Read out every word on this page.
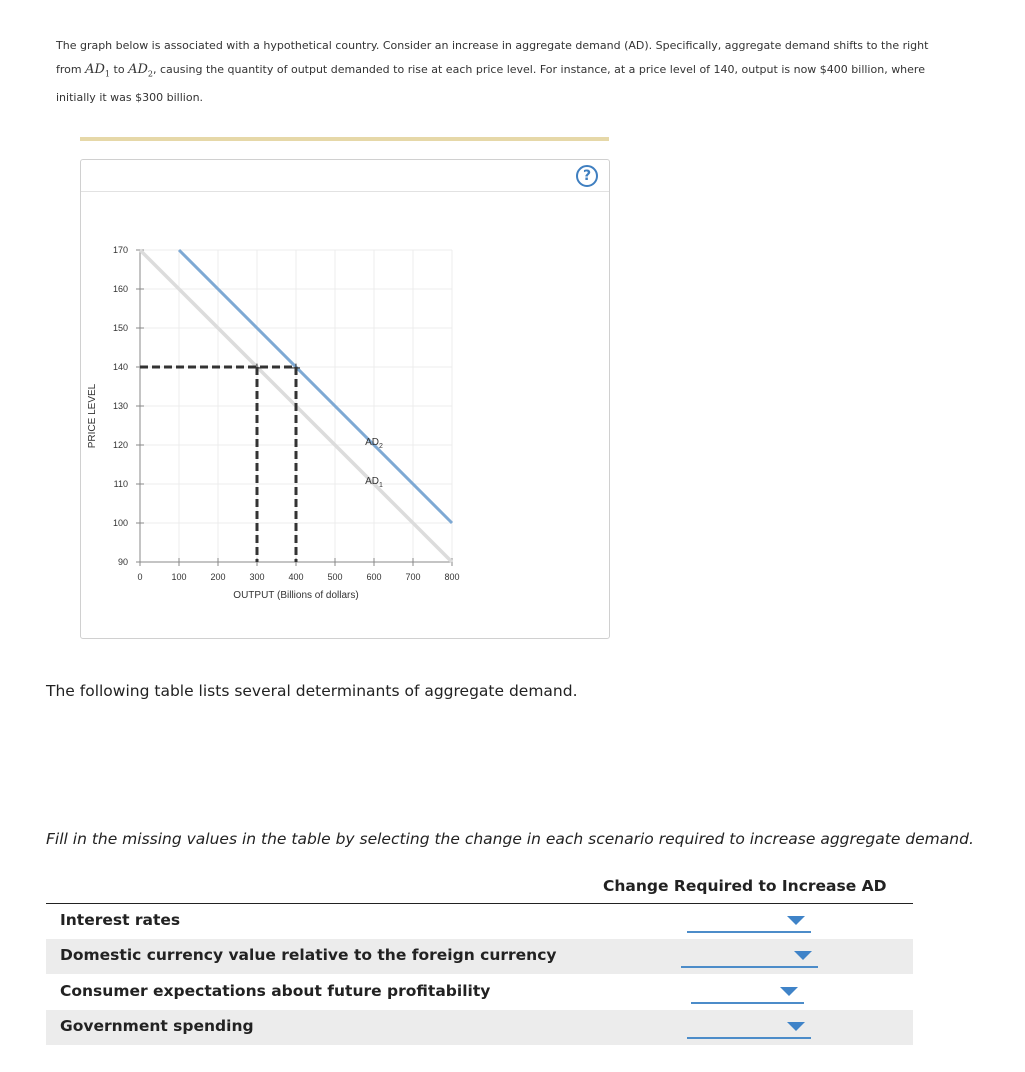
The graph below is associated with a hypothetical country. Consider an increase in aggregate demand (AD). Specifically, aggregate demand shifts to the right from $AD_1$ to $AD_2$, causing the quantity of output demanded to rise at each price level. For instance, at a price level of 140, output is now $400 billion, where initially it was $300 billion.
?
90
100
110
120
130
140
150
160
170
0	100	200	300	400	500	600	700	800
OUTPUT (Billions of dollars)
PRICE LEVEL
+ +
$AD_2$
$AD_1$
The following table lists several determinants of aggregate demand.
Fill in the missing values in the table by selecting the change in each scenario required to increase aggregate demand.
Change Required to Increase AD
Interest rates
Domestic currency value relative to the foreign currency
Consumer expectations about future profitability
Government spending
